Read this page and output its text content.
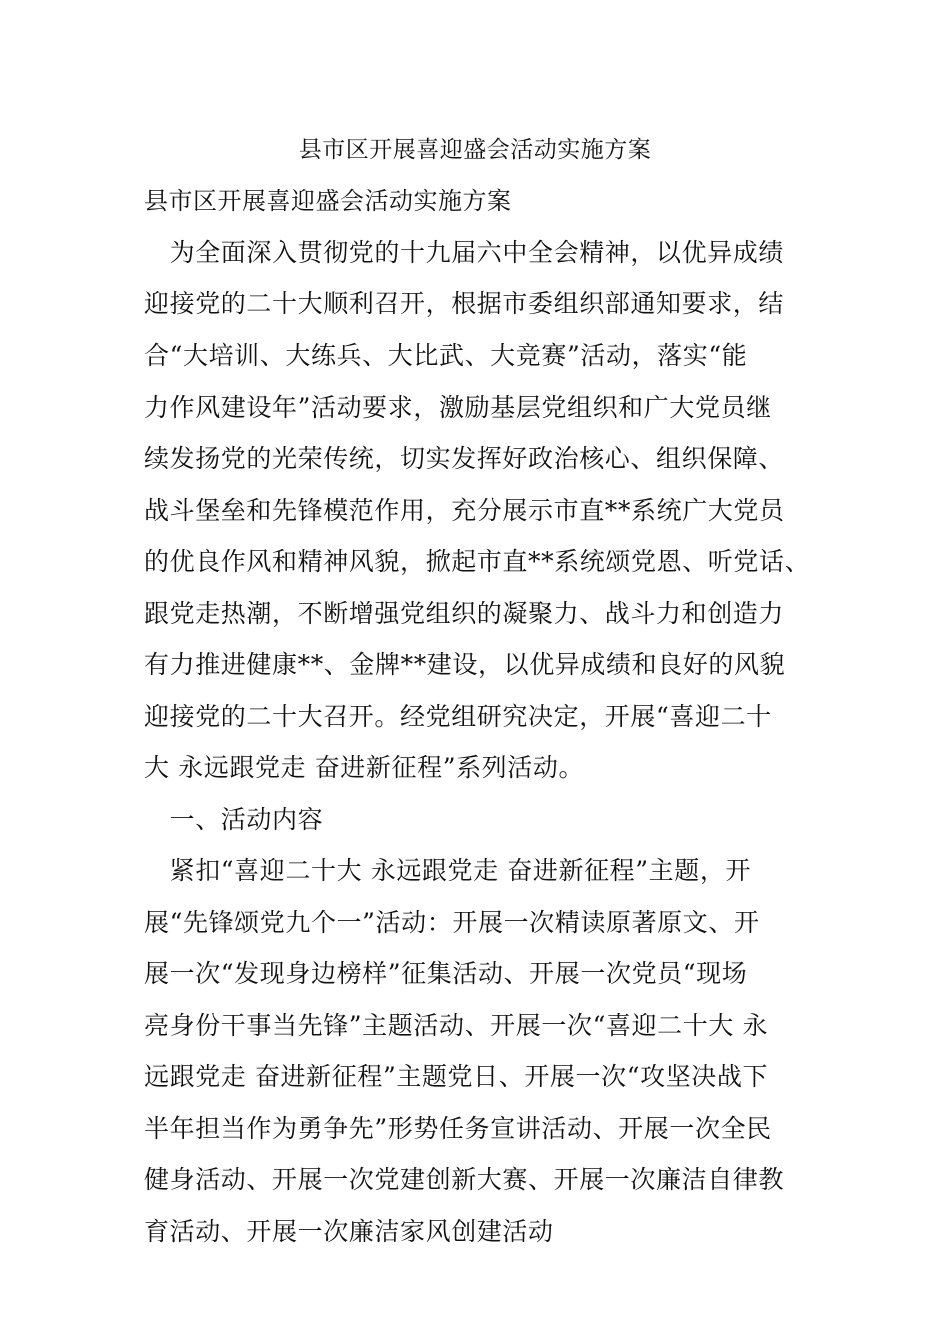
县市区开展喜迎盛会活动实施方案
县市区开展喜迎盛会活动实施方案
　为全面深入贯彻党的十九届六中全会精神，以优异成绩
迎接党的二十大顺利召开，根据市委组织部通知要求，结
合“大培训、大练兵、大比武、大竞赛”活动，落实“能
力作风建设年”活动要求，激励基层党组织和广大党员继
续发扬党的光荣传统，切实发挥好政治核心、组织保障、
战斗堡垒和先锋模范作用，充分展示市直**系统广大党员
的优良作风和精神风貌，掀起市直**系统颂党恩、听党话、
跟党走热潮，不断增强党组织的凝聚力、战斗力和创造力
有力推进健康**、金牌**建设，以优异成绩和良好的风貌
迎接党的二十大召开。经党组研究决定，开展“喜迎二十
大 永远跟党走 奋进新征程”系列活动。
　一、活动内容
　紧扣“喜迎二十大 永远跟党走 奋进新征程”主题，开
展“先锋颂党九个一”活动：开展一次精读原著原文、开
展一次“发现身边榜样”征集活动、开展一次党员“现场
亮身份干事当先锋”主题活动、开展一次“喜迎二十大 永
远跟党走 奋进新征程”主题党日、开展一次“攻坚决战下
半年担当作为勇争先”形势任务宣讲活动、开展一次全民
健身活动、开展一次党建创新大赛、开展一次廉洁自律教
育活动、开展一次廉洁家风创建活动
